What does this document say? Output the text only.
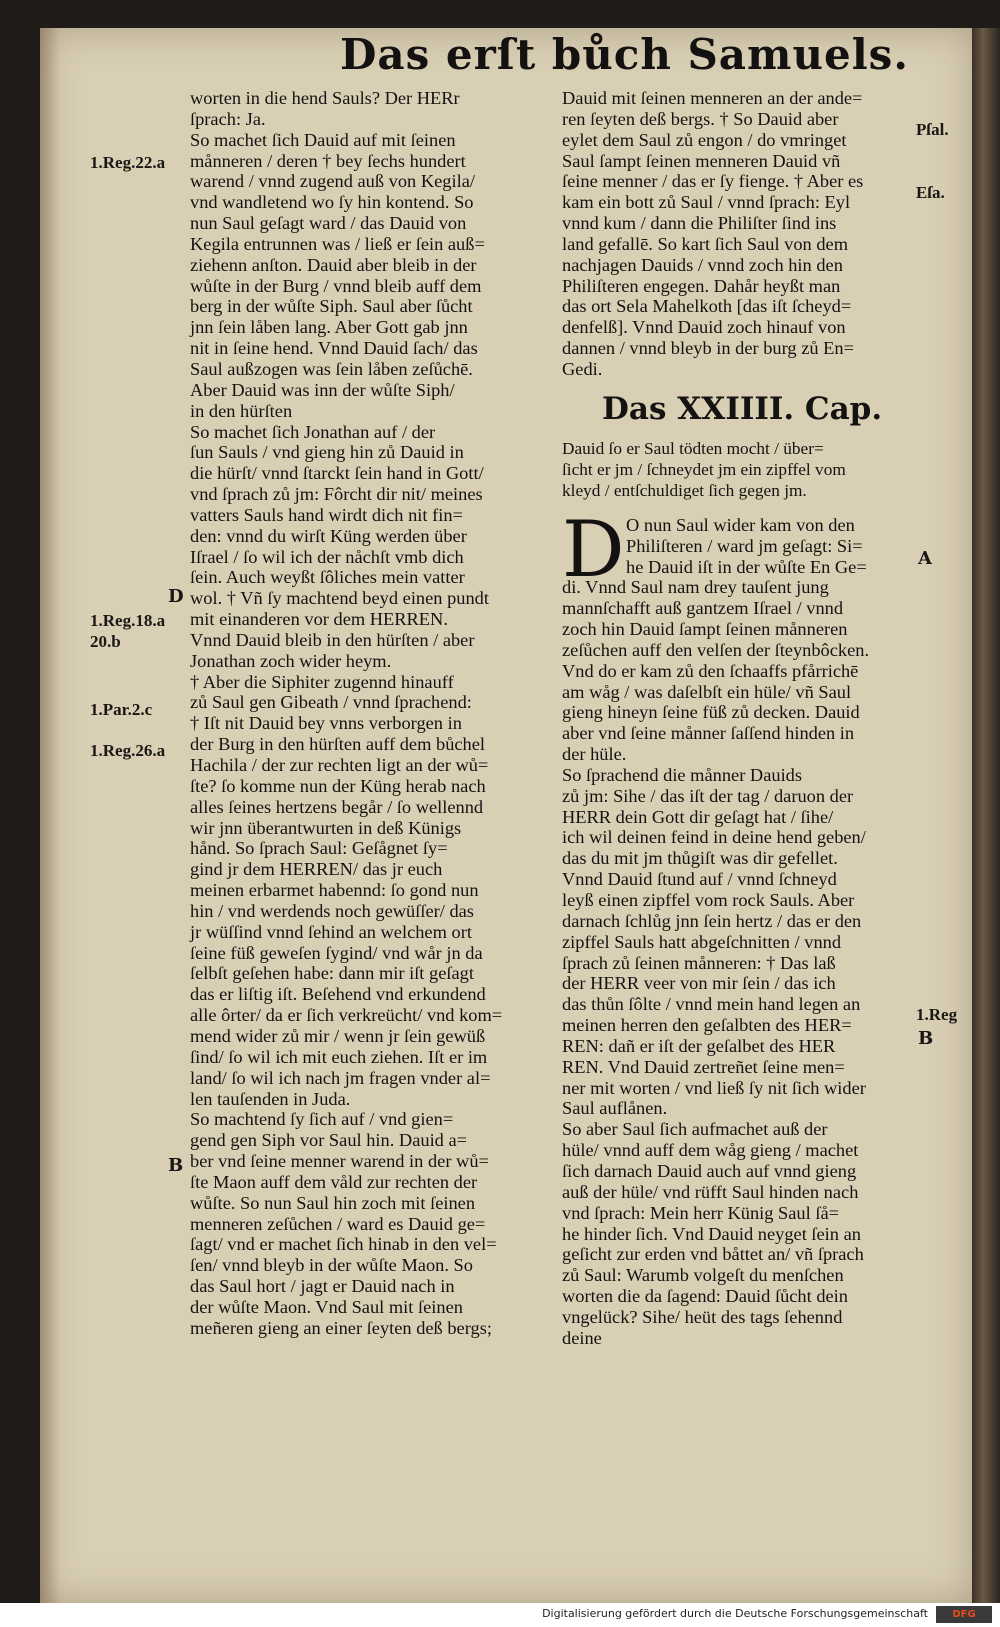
Das erſt bůch Samuels.

worten in die hend Sauls? Der HERr

ſprach: Ja.

So machet ſich Dauid auf mit ſeinen

månneren / deren † bey ſechs hundert

warend / vnnd zugend auß von Kegila/

vnd wandletend wo ſy hin kontend. So

nun Saul geſagt ward / das Dauid von

Kegila entrunnen was / ließ er ſein auß=

ziehenn anſton. Dauid aber bleib in der

wůſte in der Burg / vnnd bleib auff dem

berg in der wůſte Siph. Saul aber ſůcht

jnn ſein låben lang. Aber Gott gab jnn

nit in ſeine hend. Vnnd Dauid ſach/ das

Saul außzogen was ſein låben zeſůchē.

Aber Dauid was inn der wůſte Siph/

in den hürſten

So machet ſich Jonathan auf / der

ſun Sauls / vnd gieng hin zů Dauid in

die hürſt/ vnnd ſtarckt ſein hand in Gott/

vnd ſprach zů jm: Fôrcht dir nit/ meines

vatters Sauls hand wirdt dich nit fin=

den: vnnd du wirſt Küng werden über

Iſrael / ſo wil ich der nåchſt vmb dich

ſein. Auch weyßt ſôliches mein vatter

wol. † Vñ ſy machtend beyd einen pundt

mit einanderen vor dem HERREN.

Vnnd Dauid bleib in den hürſten / aber

Jonathan zoch wider heym.

† Aber die Siphiter zugennd hinauff

zů Saul gen Gibeath / vnnd ſprachend:

† Iſt nit Dauid bey vnns verborgen in

der Burg in den hürſten auff dem bůchel

Hachila / der zur rechten ligt an der wů=

ſte? ſo komme nun der Küng herab nach

alles ſeines hertzens begår / ſo wellennd

wir jnn überantwurten in deß Künigs

hånd. So ſprach Saul: Geſågnet ſy=

gind jr dem HERREN/ das jr euch

meinen erbarmet habennd: ſo gond nun

hin / vnd werdends noch gewüſſer/ das

jr wüſſind vnnd ſehind an welchem ort

ſeine füß geweſen ſygind/ vnd wår jn da

ſelbſt geſehen habe: dann mir iſt geſagt

das er liſtig iſt. Beſehend vnd erkundend

alle ôrter/ da er ſich verkreücht/ vnd kom=

mend wider zů mir / wenn jr ſein gewüß

ſind/ ſo wil ich mit euch ziehen. Iſt er im

land/ ſo wil ich nach jm fragen vnder al=

len tauſenden in Juda.

So machtend ſy ſich auf / vnd gien=

gend gen Siph vor Saul hin. Dauid a=

ber vnd ſeine menner warend in der wů=

ſte Maon auff dem våld zur rechten der

wůſte. So nun Saul hin zoch mit ſeinen

menneren zeſůchen / ward es Dauid ge=

ſagt/ vnd er machet ſich hinab in den vel=

ſen/ vnnd bleyb in der wůſte Maon. So

das Saul hort / jagt er Dauid nach in

der wůſte Maon. Vnd Saul mit ſeinen

meñeren gieng an einer ſeyten deß bergs;

Dauid mit ſeinen menneren an der ande=

ren ſeyten deß bergs. † So Dauid aber

eylet dem Saul zů engon / do vmringet

Saul ſampt ſeinen menneren Dauid vñ

ſeine menner / das er ſy fienge. † Aber es

kam ein bott zů Saul / vnnd ſprach: Eyl

vnnd kum / dann die Philiſter ſind ins

land gefallē. So kart ſich Saul von dem

nachjagen Dauids / vnnd zoch hin den

Philiſteren engegen. Dahår heyßt man

das ort Sela Mahelkoth [das iſt ſcheyd=

denfelß]. Vnnd Dauid zoch hinauf von

dannen / vnnd bleyb in der burg zů En=

Gedi.

Das XXIIII. Cap.

Dauid ſo er Saul tödten mocht / über=

ſicht er jm / ſchneydet jm ein zipffel vom

kleyd / entſchuldiget ſich gegen jm.

D O nun Saul wider kam von den

Philiſteren / ward jm geſagt: Si=

he Dauid iſt in der wůſte En Ge=

di. Vnnd Saul nam drey tauſent jung

mannſchafft auß gantzem Iſrael / vnnd

zoch hin Dauid ſampt ſeinen månneren

zeſůchen auff den velſen der ſteynbôcken.

Vnd do er kam zů den ſchaaffs pfårrichē

am wåg / was daſelbſt ein hüle/ vñ Saul

gieng hineyn ſeine füß zů decken. Dauid

aber vnd ſeine månner ſaſſend hinden in

der hüle.

So ſprachend die månner Dauids

zů jm: Sihe / das iſt der tag / daruon der

HERR dein Gott dir geſagt hat / ſihe/

ich wil deinen feind in deine hend geben/

das du mit jm thůgiſt was dir gefellet.

Vnnd Dauid ſtund auf / vnnd ſchneyd

leyß einen zipffel vom rock Sauls. Aber

darnach ſchlůg jnn ſein hertz / das er den

zipffel Sauls hatt abgeſchnitten / vnnd

ſprach zů ſeinen månneren: † Das laß

der HERR veer von mir ſein / das ich

das thůn ſôlte / vnnd mein hand legen an

meinen herren den geſalbten des HER=

REN: dañ er iſt der geſalbet des HER

REN. Vnd Dauid zertreñet ſeine men=

ner mit worten / vnd ließ ſy nit ſich wider

Saul auflånen.

So aber Saul ſich aufmachet auß der

hüle/ vnnd auff dem wåg gieng / machet

ſich darnach Dauid auch auf vnnd gieng

auß der hüle/ vnd rüfft Saul hinden nach

vnd ſprach: Mein herr Künig Saul ſå=

he hinder ſich. Vnd Dauid neyget ſein an

geſicht zur erden vnd båttet an/ vñ ſprach

zů Saul: Warumb volgeſt du menſchen

worten die da ſagend: Dauid ſůcht dein

vngelück? Sihe/ heüt des tags ſehennd

deine

1.Reg.22.a
1.Reg.18.a
20.b
1.Par.2.c
1.Reg.26.a
D
B
Pſal.
Eſa.
1.Reg
A
B
Digitalisierung gefördert durch die Deutsche Forschungsgemeinschaft	DFG
